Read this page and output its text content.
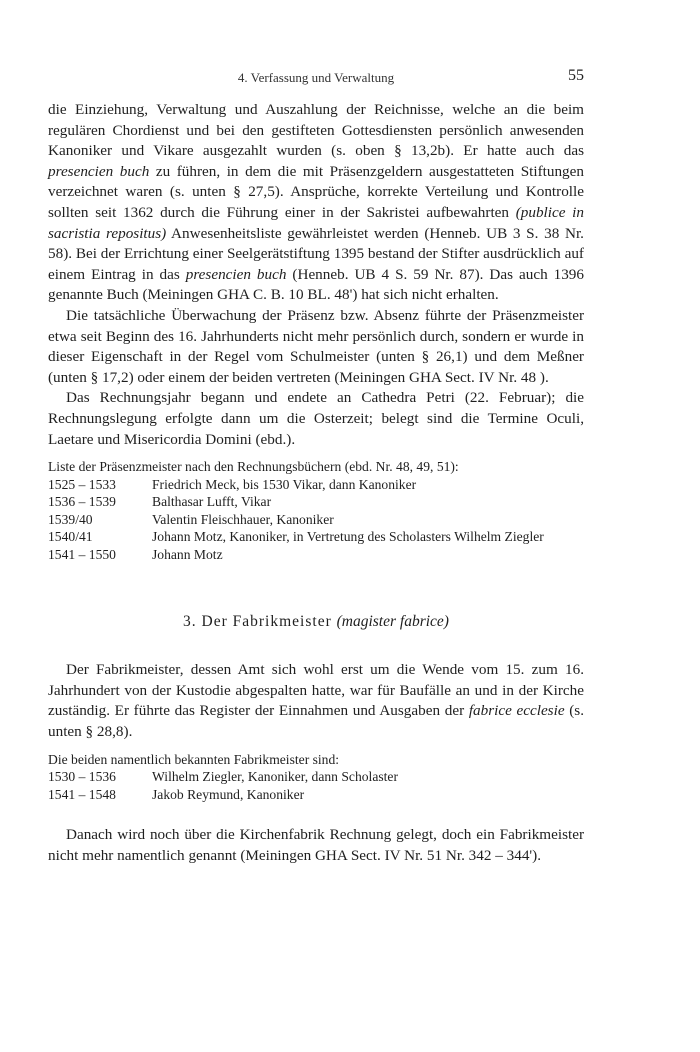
4. Verfassung und Verwaltung	55

die Einziehung, Verwaltung und Auszahlung der Reichnisse, welche an die beim regulären Chordienst und bei den gestifteten Gottesdiensten persönlich anwesenden Kanoniker und Vikare ausgezahlt wurden (s. oben § 13,2b). Er hatte auch das presencien buch zu führen, in dem die mit Präsenzgeldern ausgestatteten Stiftungen verzeichnet waren (s. unten § 27,5). Ansprüche, korrekte Verteilung und Kontrolle sollten seit 1362 durch die Führung einer in der Sakristei aufbewahrten (publice in sacristia repositus) Anwesenheitsliste gewährleistet werden (Henneb. UB 3 S. 38 Nr. 58). Bei der Errichtung einer Seelgerätstiftung 1395 bestand der Stifter ausdrücklich auf einem Eintrag in das presencien buch (Henneb. UB 4 S. 59 Nr. 87). Das auch 1396 genannte Buch (Meiningen GHA C. B. 10 BL. 48') hat sich nicht erhalten.

Die tatsächliche Überwachung der Präsenz bzw. Absenz führte der Präsenzmeister etwa seit Beginn des 16. Jahrhunderts nicht mehr persönlich durch, sondern er wurde in dieser Eigenschaft in der Regel vom Schulmeister (unten § 26,1) und dem Meßner (unten § 17,2) oder einem der beiden vertreten (Meiningen GHA Sect. IV Nr. 48 ).

Das Rechnungsjahr begann und endete an Cathedra Petri (22. Februar); die Rechnungslegung erfolgte dann um die Osterzeit; belegt sind die Termine Oculi, Laetare und Misericordia Domini (ebd.).

Liste der Präsenzmeister nach den Rechnungsbüchern (ebd. Nr. 48, 49, 51):
1525 – 1533	Friedrich Meck, bis 1530 Vikar, dann Kanoniker
1536 – 1539	Balthasar Lufft, Vikar
1539/40	Valentin Fleischhauer, Kanoniker
1540/41	Johann Motz, Kanoniker, in Vertretung des Scholasters Wilhelm Ziegler
1541 – 1550	Johann Motz

3. Der Fabrikmeister (magister fabrice)

Der Fabrikmeister, dessen Amt sich wohl erst um die Wende vom 15. zum 16. Jahrhundert von der Kustodie abgespalten hatte, war für Baufälle an und in der Kirche zuständig. Er führte das Register der Einnahmen und Ausgaben der fabrice ecclesie (s. unten § 28,8).

Die beiden namentlich bekannten Fabrikmeister sind:
1530 – 1536	Wilhelm Ziegler, Kanoniker, dann Scholaster
1541 – 1548	Jakob Reymund, Kanoniker

Danach wird noch über die Kirchenfabrik Rechnung gelegt, doch ein Fabrikmeister nicht mehr namentlich genannt (Meiningen GHA Sect. IV Nr. 51 Nr. 342 – 344').
